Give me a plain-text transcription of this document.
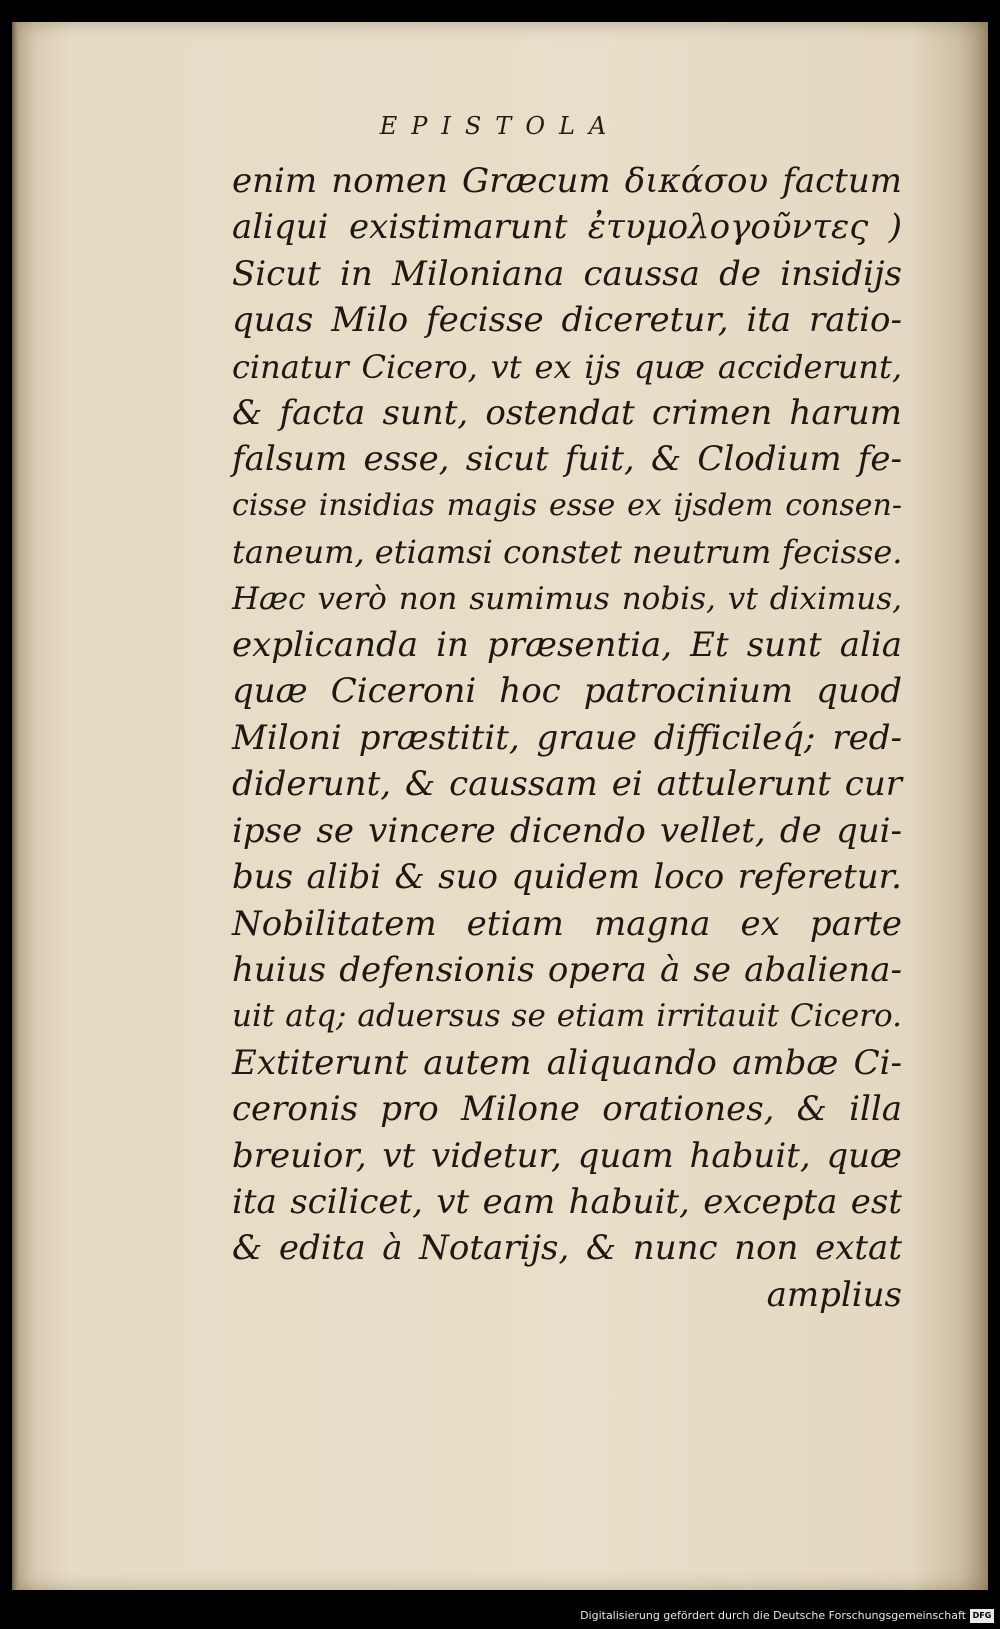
EPISTOLA
enim nomen Græcum δικάσου factum
aliqui existimarunt ἐτυμολογοῦντες )
Sicut in Miloniana caussa de insidijs
quas Milo fecisse diceretur, ita ratio-
cinatur Cicero, vt ex ijs quæ acciderunt,
& facta sunt, ostendat crimen harum
falsum esse, sicut fuit, & Clodium fe-
cisse insidias magis esse ex ijsdem consen-
taneum, etiamsi constet neutrum fecisse.
Hæc verò non sumimus nobis, vt diximus,
explicanda in præsentia, Et sunt alia
quæ Ciceroni hoc patrocinium quod
Miloni præstitit, graue difficileq́; red-
diderunt, & caussam ei attulerunt cur
ipse se vincere dicendo vellet, de qui-
bus alibi & suo quidem loco referetur.
Nobilitatem etiam magna ex parte
huius defensionis opera à se abaliena-
uit atq; aduersus se etiam irritauit Cicero.
Extiterunt autem aliquando ambæ Ci-
ceronis pro Milone orationes, & illa
breuior, vt videtur, quam habuit, quæ
ita scilicet, vt eam habuit, excepta est
& edita à Notarijs, & nunc non extat
amplius
Digitalisierung gefördert durch die Deutsche Forschungsgemeinschaft DFG
